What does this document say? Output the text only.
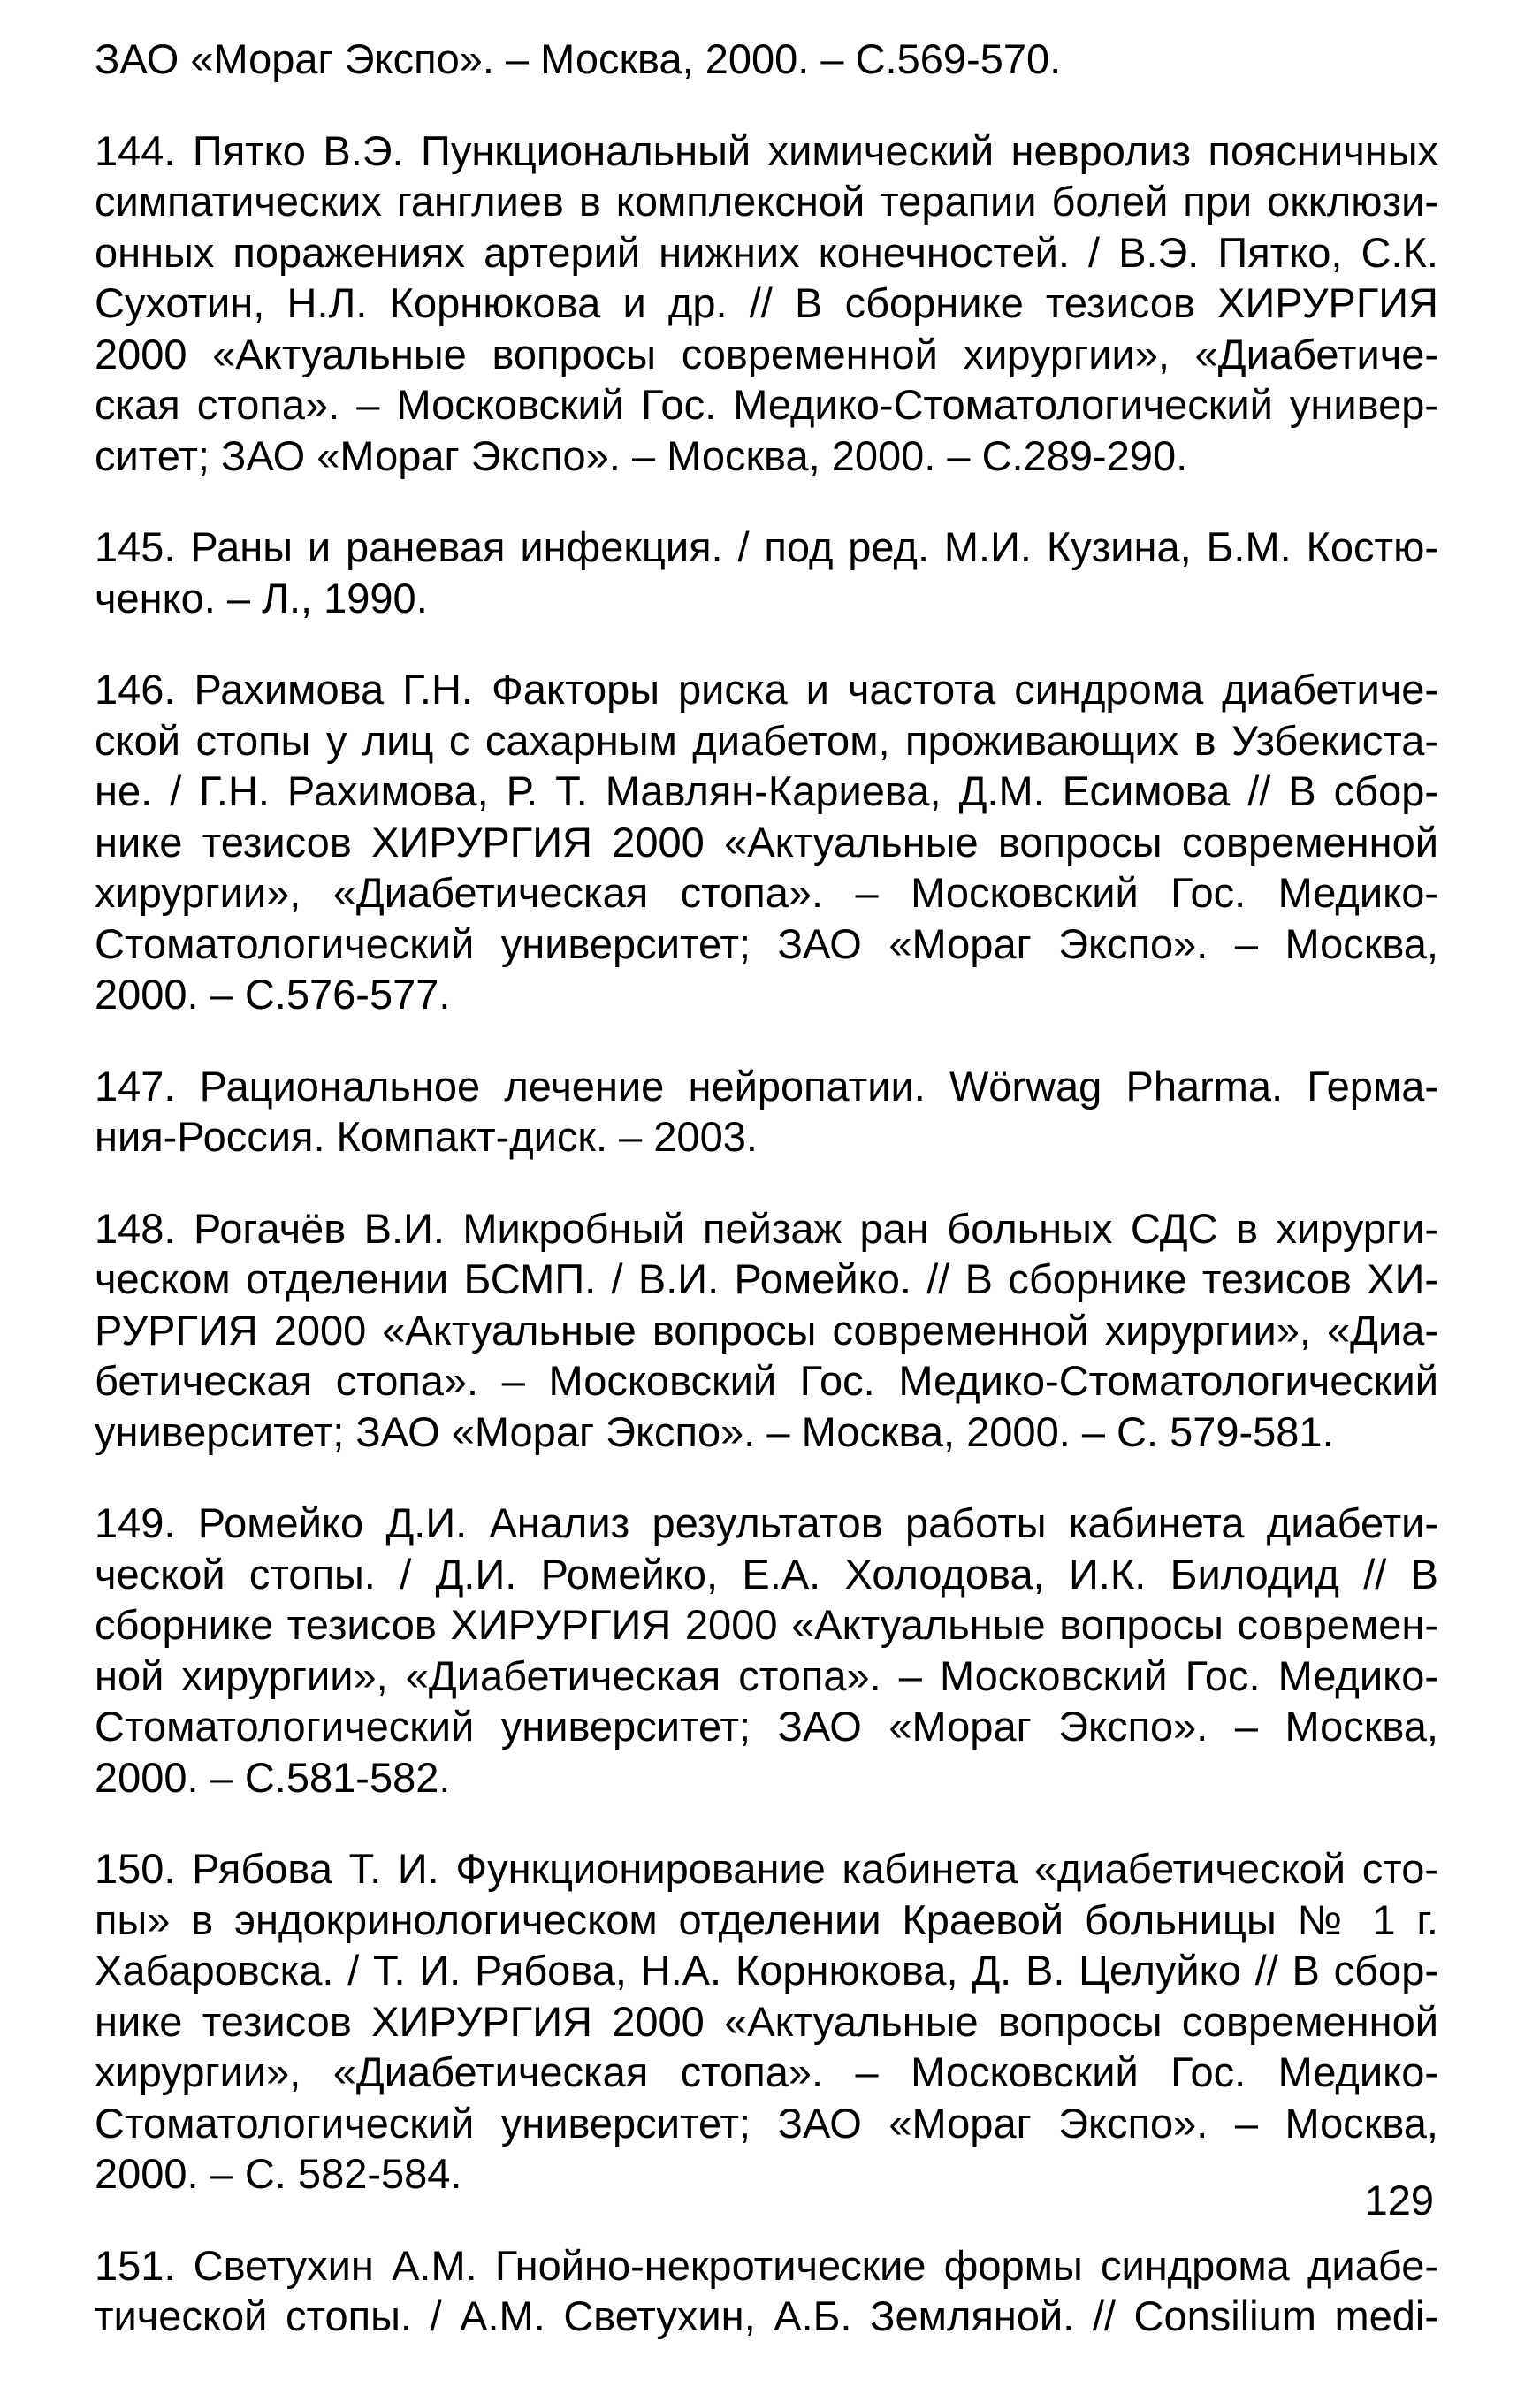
ЗАО «Мораг Экспо». – Москва, 2000. – С.569-570.
144. Пятко В.Э. Пункциональный химический невролиз поясничных
симпатических ганглиев в комплексной терапии болей при окклюзи-
онных поражениях артерий нижних конечностей. / В.Э. Пятко, С.К.
Сухотин, Н.Л. Корнюкова и др. // В сборнике тезисов ХИРУРГИЯ
2000 «Актуальные вопросы современной хирургии», «Диабетиче-
ская стопа». – Московский Гос. Медико-Стоматологический универ-
ситет; ЗАО «Мораг Экспо». – Москва, 2000. – С.289-290.
145. Раны и раневая инфекция. / под ред. М.И. Кузина, Б.М. Костю-
ченко. – Л., 1990.
146. Рахимова Г.Н. Факторы риска и частота синдрома диабетиче-
ской стопы у лиц с сахарным диабетом, проживающих в Узбекиста-
не. / Г.Н. Рахимова, Р. Т. Мавлян-Кариева, Д.М. Есимова // В сбор-
нике тезисов ХИРУРГИЯ 2000 «Актуальные вопросы современной
хирургии», «Диабетическая стопа». – Московский Гос. Медико-
Стоматологический университет; ЗАО «Мораг Экспо». – Москва,
2000. – С.576-577.
147. Рациональное лечение нейропатии. Wörwag Pharma. Герма-
ния-Россия. Компакт-диск. – 2003.
148. Рогачёв В.И. Микробный пейзаж ран больных СДС в хирурги-
ческом отделении БСМП. / В.И. Ромейко. // В сборнике тезисов ХИ-
РУРГИЯ 2000 «Актуальные вопросы современной хирургии», «Диа-
бетическая стопа». – Московский Гос. Медико-Стоматологический
университет; ЗАО «Мораг Экспо». – Москва, 2000. – С. 579-581.
149. Ромейко Д.И. Анализ результатов работы кабинета диабети-
ческой стопы. / Д.И. Ромейко, Е.А. Холодова, И.К. Билодид // В
сборнике тезисов ХИРУРГИЯ 2000 «Актуальные вопросы современ-
ной хирургии», «Диабетическая стопа». – Московский Гос. Медико-
Стоматологический университет; ЗАО «Мораг Экспо». – Москва,
2000. – С.581-582.
150. Рябова Т. И. Функционирование кабинета «диабетической сто-
пы» в эндокринологическом отделении Краевой больницы № 1 г.
Хабаровска. / Т. И. Рябова, Н.А. Корнюкова, Д. В. Целуйко // В сбор-
нике тезисов ХИРУРГИЯ 2000 «Актуальные вопросы современной
хирургии», «Диабетическая стопа». – Московский Гос. Медико-
Стоматологический университет; ЗАО «Мораг Экспо». – Москва,
2000. – С. 582-584.
151. Светухин А.М. Гнойно-некротические формы синдрома диабе-
тической стопы. / А.М. Светухин, А.Б. Земляной. // Consilium medi-
129
